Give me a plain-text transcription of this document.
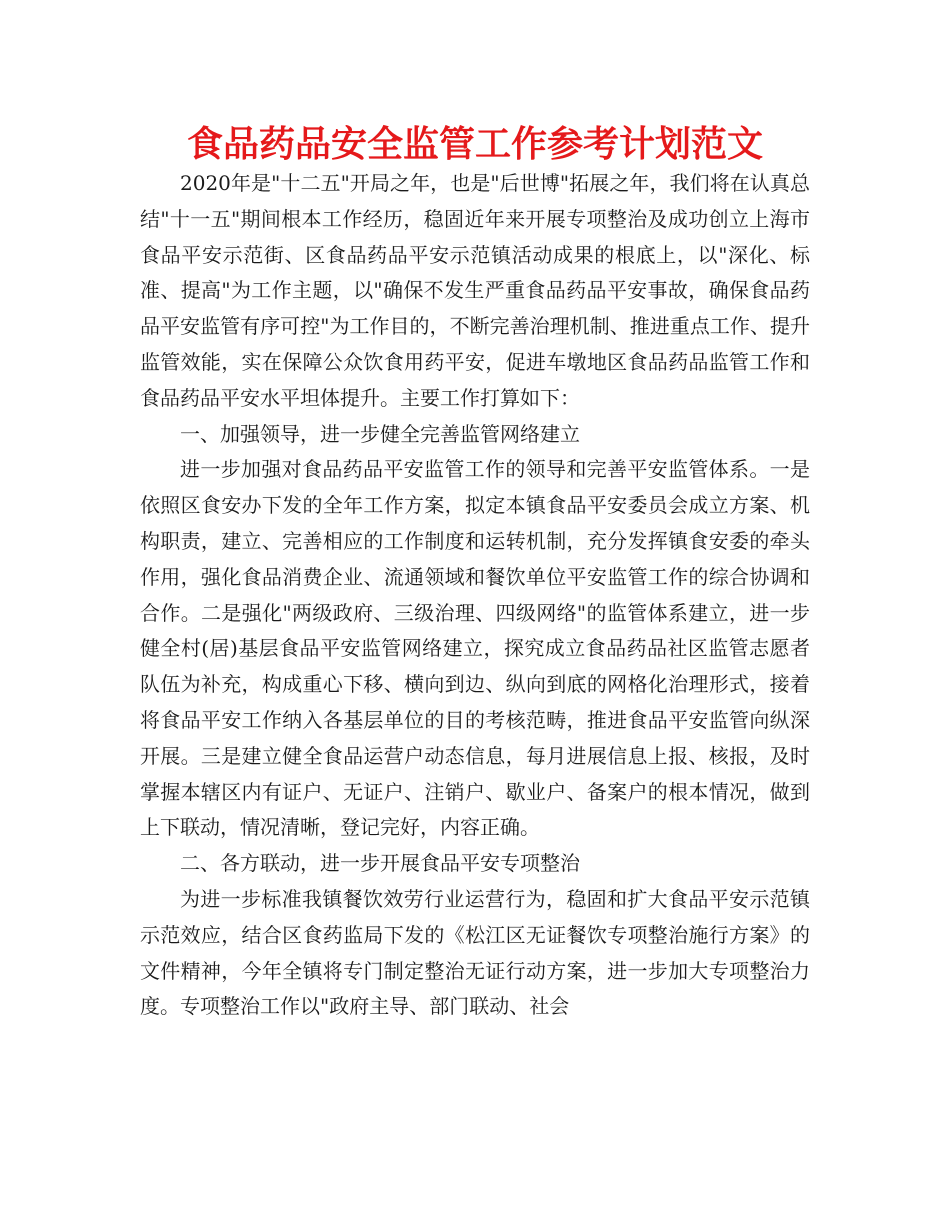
食品药品安全监管工作参考计划范文

2020年是"十二五"开局之年，也是"后世博"拓展之年，我们将在认真总结"十一五"期间根本工作经历，稳固近年来开展专项整治及成功创立上海市食品平安示范街、区食品药品平安示范镇活动成果的根底上，以"深化、标准、提高"为工作主题，以"确保不发生严重食品药品平安事故，确保食品药品平安监管有序可控"为工作目的，不断完善治理机制、推进重点工作、提升监管效能，实在保障公众饮食用药平安，促进车墩地区食品药品监管工作和食品药品平安水平坦体提升。主要工作打算如下：

一、加强领导，进一步健全完善监管网络建立

进一步加强对食品药品平安监管工作的领导和完善平安监管体系。一是依照区食安办下发的全年工作方案，拟定本镇食品平安委员会成立方案、机构职责，建立、完善相应的工作制度和运转机制，充分发挥镇食安委的牵头作用，强化食品消费企业、流通领域和餐饮单位平安监管工作的综合协调和合作。二是强化"两级政府、三级治理、四级网络"的监管体系建立，进一步健全村(居)基层食品平安监管网络建立，探究成立食品药品社区监管志愿者队伍为补充，构成重心下移、横向到边、纵向到底的网格化治理形式，接着将食品平安工作纳入各基层单位的目的考核范畴，推进食品平安监管向纵深开展。三是建立健全食品运营户动态信息，每月进展信息上报、核报，及时掌握本辖区内有证户、无证户、注销户、歇业户、备案户的根本情况，做到上下联动，情况清晰，登记完好，内容正确。

二、各方联动，进一步开展食品平安专项整治

为进一步标准我镇餐饮效劳行业运营行为，稳固和扩大食品平安示范镇示范效应，结合区食药监局下发的《松江区无证餐饮专项整治施行方案》的文件精神，今年全镇将专门制定整治无证行动方案，进一步加大专项整治力度。专项整治工作以"政府主导、部门联动、社会
